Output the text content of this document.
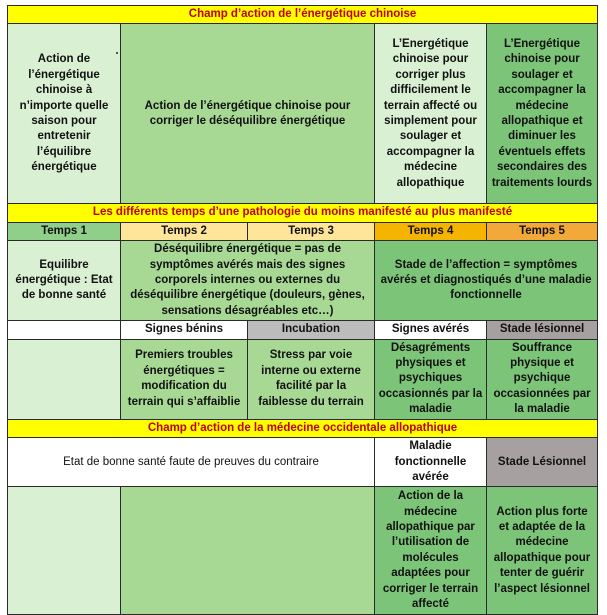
Champ d’action de l’énergétique chinoise				
Action de l’énergétique chinoise à n’importe quelle saison pour entretenir l’équilibre énergétique	Action de l’énergétique chinoise pour corriger le déséquilibre énergétique		L’Energétique chinoise pour corriger plus difficilement le terrain affecté ou simplement pour soulager et accompagner la médecine allopathique	L’Energétique chinoise pour soulager et accompagner la médecine allopathique et diminuer les éventuels effets secondaires des traitements lourds
Les différents temps d’une pathologie du moins manifesté au plus manifesté				
Temps 1	Temps 2	Temps 3	Temps 4	Temps 5
Equilibre énergétique : Etat de bonne santé	Déséquilibre énergétique = pas de symptômes avérés mais des signes corporels internes ou externes du déséquilibre énergétique (douleurs, gènes, sensations désagréables etc…)		Stade de l’affection = symptômes avérés et diagnostiqués d’une maladie fonctionnelle	
	Signes bénins	Incubation	Signes avérés	Stade lésionnel
	Premiers troubles énergétiques = modification du terrain qui s’affaiblie	Stress par voie interne ou externe facilité par la faiblesse du terrain	Désagréments physiques et psychiques occasionnés par la maladie	Souffrance physique et psychique occasionnées par la maladie
Champ d’action de la médecine occidentale allopathique				
Etat de bonne santé faute de preuves du contraire			Maladie fonctionnelle avérée	Stade Lésionnel
			Action de la médecine allopathique par l’utilisation de molécules adaptées pour corriger le terrain affecté	Action plus forte et adaptée de la médecine allopathique pour tenter de guérir l’aspect lésionnel
